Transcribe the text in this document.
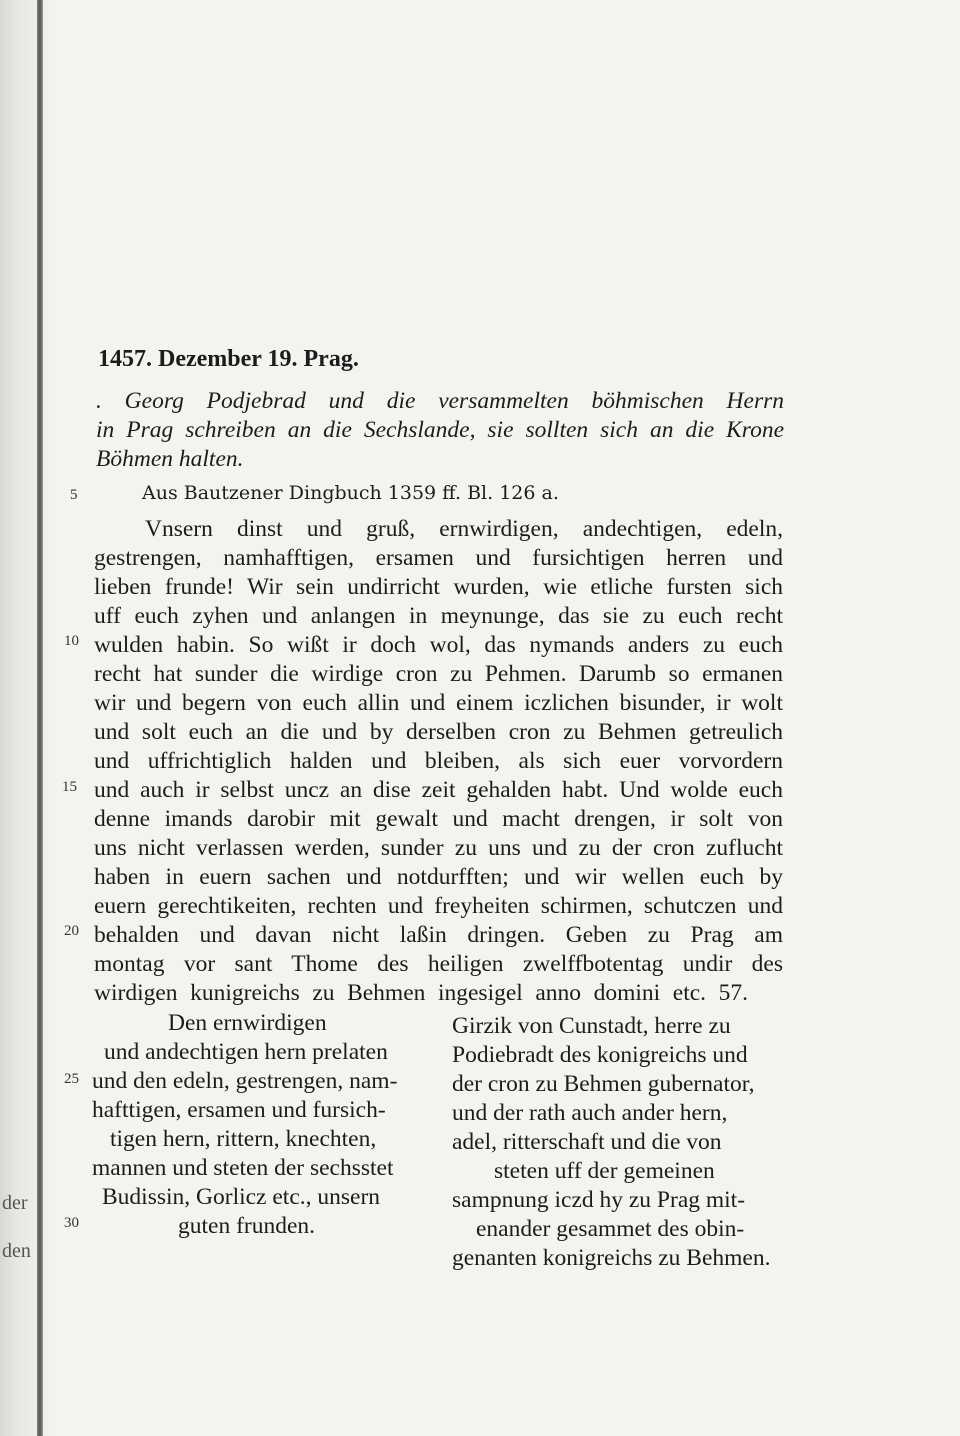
der
den
1457. Dezember 19. Prag.
. Georg Podjebrad und die versammelten böhmischen Herrn
in Prag schreiben an die Sechslande, sie sollten sich an die Krone
Böhmen halten.
Aus Bautzener Dingbuch 1359 ff. Bl. 126 a.
5
10
15
20
25
30
Vnsern dinst und gruß, ernwirdigen, andechtigen, edeln,
gestrengen, namhafftigen, ersamen und fursichtigen herren und
lieben frunde! Wir sein undirricht wurden, wie etliche fursten sich
uff euch zyhen und anlangen in meynunge, das sie zu euch recht
wulden habin. So wißt ir doch wol, das nymands anders zu euch
recht hat sunder die wirdige cron zu Pehmen. Darumb so ermanen
wir und begern von euch allin und einem iczlichen bisunder, ir wolt
und solt euch an die und by derselben cron zu Behmen getreulich
und uffrichtiglich halden und bleiben, als sich euer vorvordern
und auch ir selbst uncz an dise zeit gehalden habt. Und wolde euch
denne imands darobir mit gewalt und macht drengen, ir solt von
uns nicht verlassen werden, sunder zu uns und zu der cron zuflucht
haben in euern sachen und notdurfften; und wir wellen euch by
euern gerechtikeiten, rechten und freyheiten schirmen, schutczen und
behalden und davan nicht laßin dringen. Geben zu Prag am
montag vor sant Thome des heiligen zwelffbotentag undir des
wirdigen kunigreichs zu Behmen ingesigel anno domini etc. 57.
Den ernwirdigen
und andechtigen hern prelaten
und den edeln, gestrengen, nam-
hafttigen, ersamen und fursich-
tigen hern, rittern, knechten,
mannen und steten der sechsstet
Budissin, Gorlicz etc., unsern
guten frunden.
Girzik von Cunstadt, herre zu
Podiebradt des konigreichs und
der cron zu Behmen gubernator,
und der rath auch ander hern,
adel, ritterschaft und die von
steten uff der gemeinen
sampnung iczd hy zu Prag mit-
enander gesammet des obin-
genanten konigreichs zu Behmen.
